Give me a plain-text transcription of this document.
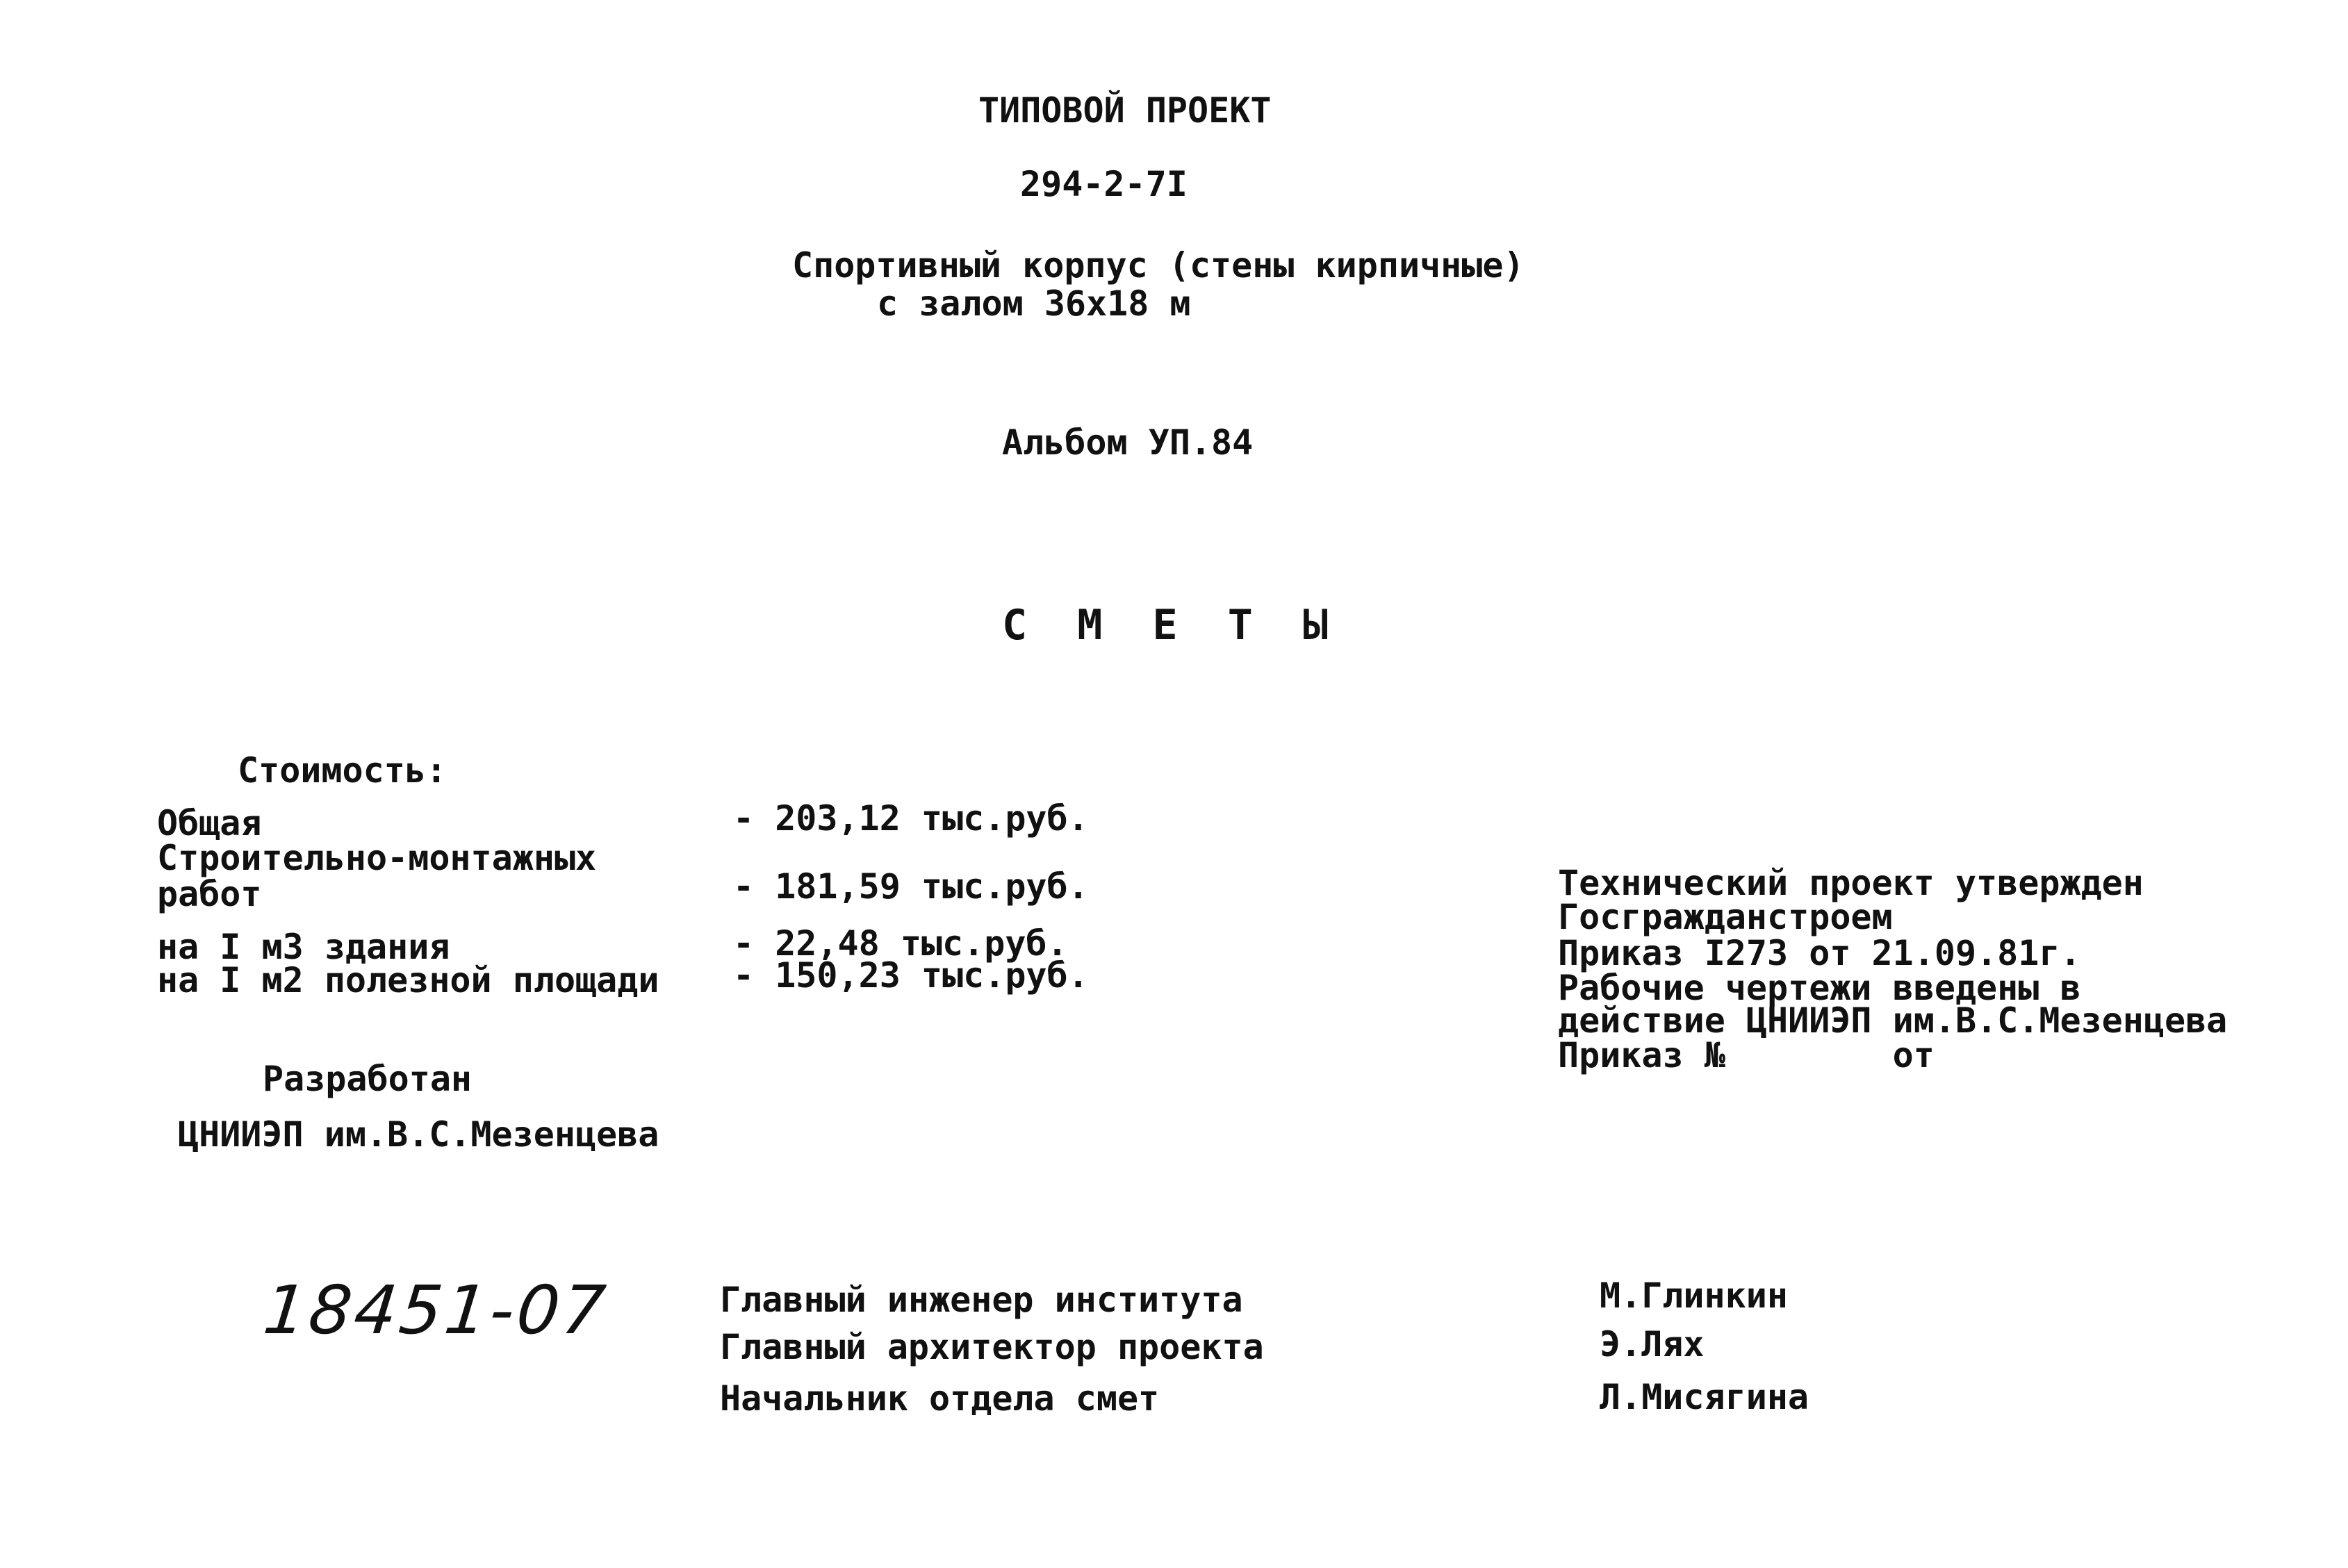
ТИПОВОЙ ПРОЕКТ
294-2-7I
Спортивный корпус (стены кирпичные)
с залом 36x18 м
Альбом УП.84
С М Е Т Ы
Стоимость:
Общая	- 203,12 тыс.руб.
Строительно-монтажных
работ	- 181,59 тыс.руб.
на I м3 здания	- 22,48 тыс.руб.
на I м2 полезной площади - 150,23 тыс.руб.
Разработан
ЦНИИЭП им.В.С.Мезенцева
Технический проект утвержден
Госгражданстроем
Приказ I273 от 21.09.81г.
Рабочие чертежи введены в
действие ЦНИИЭП им.В.С.Мезенцева
Приказ №        от
18451-07	Главный инженер института	М.Глинкин
Главный архитектор проекта	Э.Лях
Начальник отдела смет	Л.Мисягина
